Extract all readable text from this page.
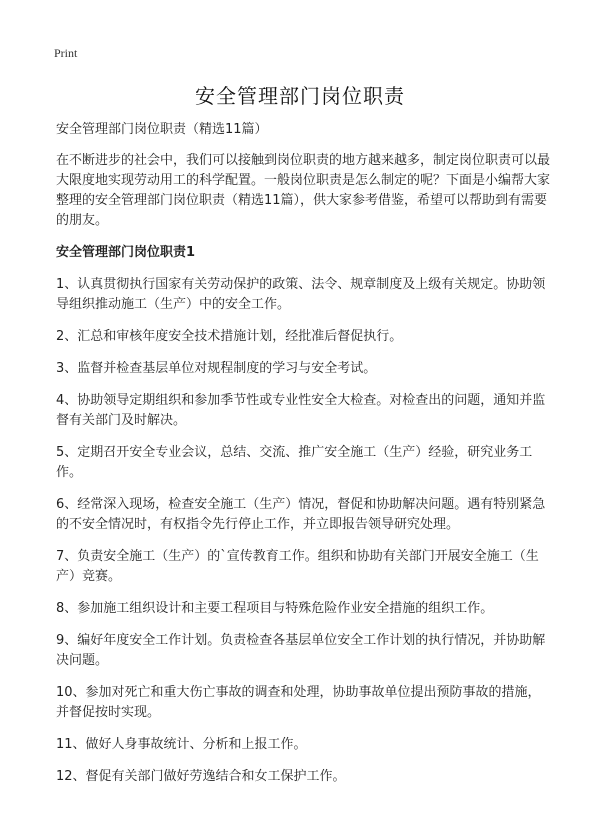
Print
安全管理部门岗位职责

安全管理部门岗位职责（精选11篇）

在不断进步的社会中，我们可以接触到岗位职责的地方越来越多，制定岗位职责可以最大限度地实现劳动用工的科学配置。一般岗位职责是怎么制定的呢？下面是小编帮大家整理的安全管理部门岗位职责（精选11篇），供大家参考借鉴，希望可以帮助到有需要的朋友。

安全管理部门岗位职责1

1、认真贯彻执行国家有关劳动保护的政策、法令、规章制度及上级有关规定。协助领导组织推动施工（生产）中的安全工作。
2、汇总和审核年度安全技术措施计划，经批准后督促执行。
3、监督并检查基层单位对规程制度的学习与安全考试。
4、协助领导定期组织和参加季节性或专业性安全大检查。对检查出的问题，通知并监督有关部门及时解决。
5、定期召开安全专业会议，总结、交流、推广安全施工（生产）经验，研究业务工作。
6、经常深入现场，检查安全施工（生产）情况，督促和协助解决问题。遇有特别紧急的不安全情况时，有权指令先行停止工作，并立即报告领导研究处理。
7、负责安全施工（生产）的`宣传教育工作。组织和协助有关部门开展安全施工（生产）竞赛。
8、参加施工组织设计和主要工程项目与特殊危险作业安全措施的组织工作。
9、编好年度安全工作计划。负责检查各基层单位安全工作计划的执行情况，并协助解决问题。
10、参加对死亡和重大伤亡事故的调查和处理，协助事故单位提出预防事故的措施，并督促按时实现。
11、做好人身事故统计、分析和上报工作。
12、督促有关部门做好劳逸结合和女工保护工作。
